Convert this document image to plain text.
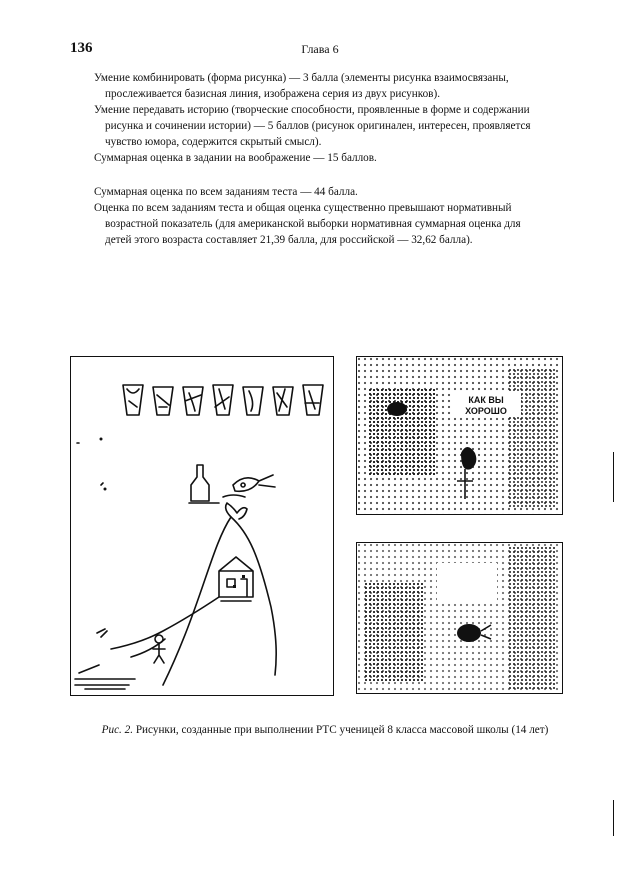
136	Глава 6

Умение комбинировать (форма рисунка) — 3 балла (элементы рисунка взаимосвязаны, прослеживается базисная линия, изображена серия из двух рисунков).

Умение передавать историю (творческие способности, проявленные в форме и содержании рисунка и сочинении истории) — 5 баллов (рисунок оригинален, интересен, проявляется чувство юмора, содержится скрытый смысл).

Суммарная оценка в задании на воображение — 15 баллов.

Суммарная оценка по всем заданиям теста — 44 балла.

Оценка по всем заданиям теста и общая оценка существенно превышают нормативный возрастной показатель (для американской выборки нормативная суммарная оценка для детей этого возраста составляет 21,39 балла, для российской — 32,62 балла).

КАК ВЫ
ХОРОШО
Рис. 2. Рисунки, созданные при выполнении РТС ученицей 8 класса массовой школы (14 лет)
